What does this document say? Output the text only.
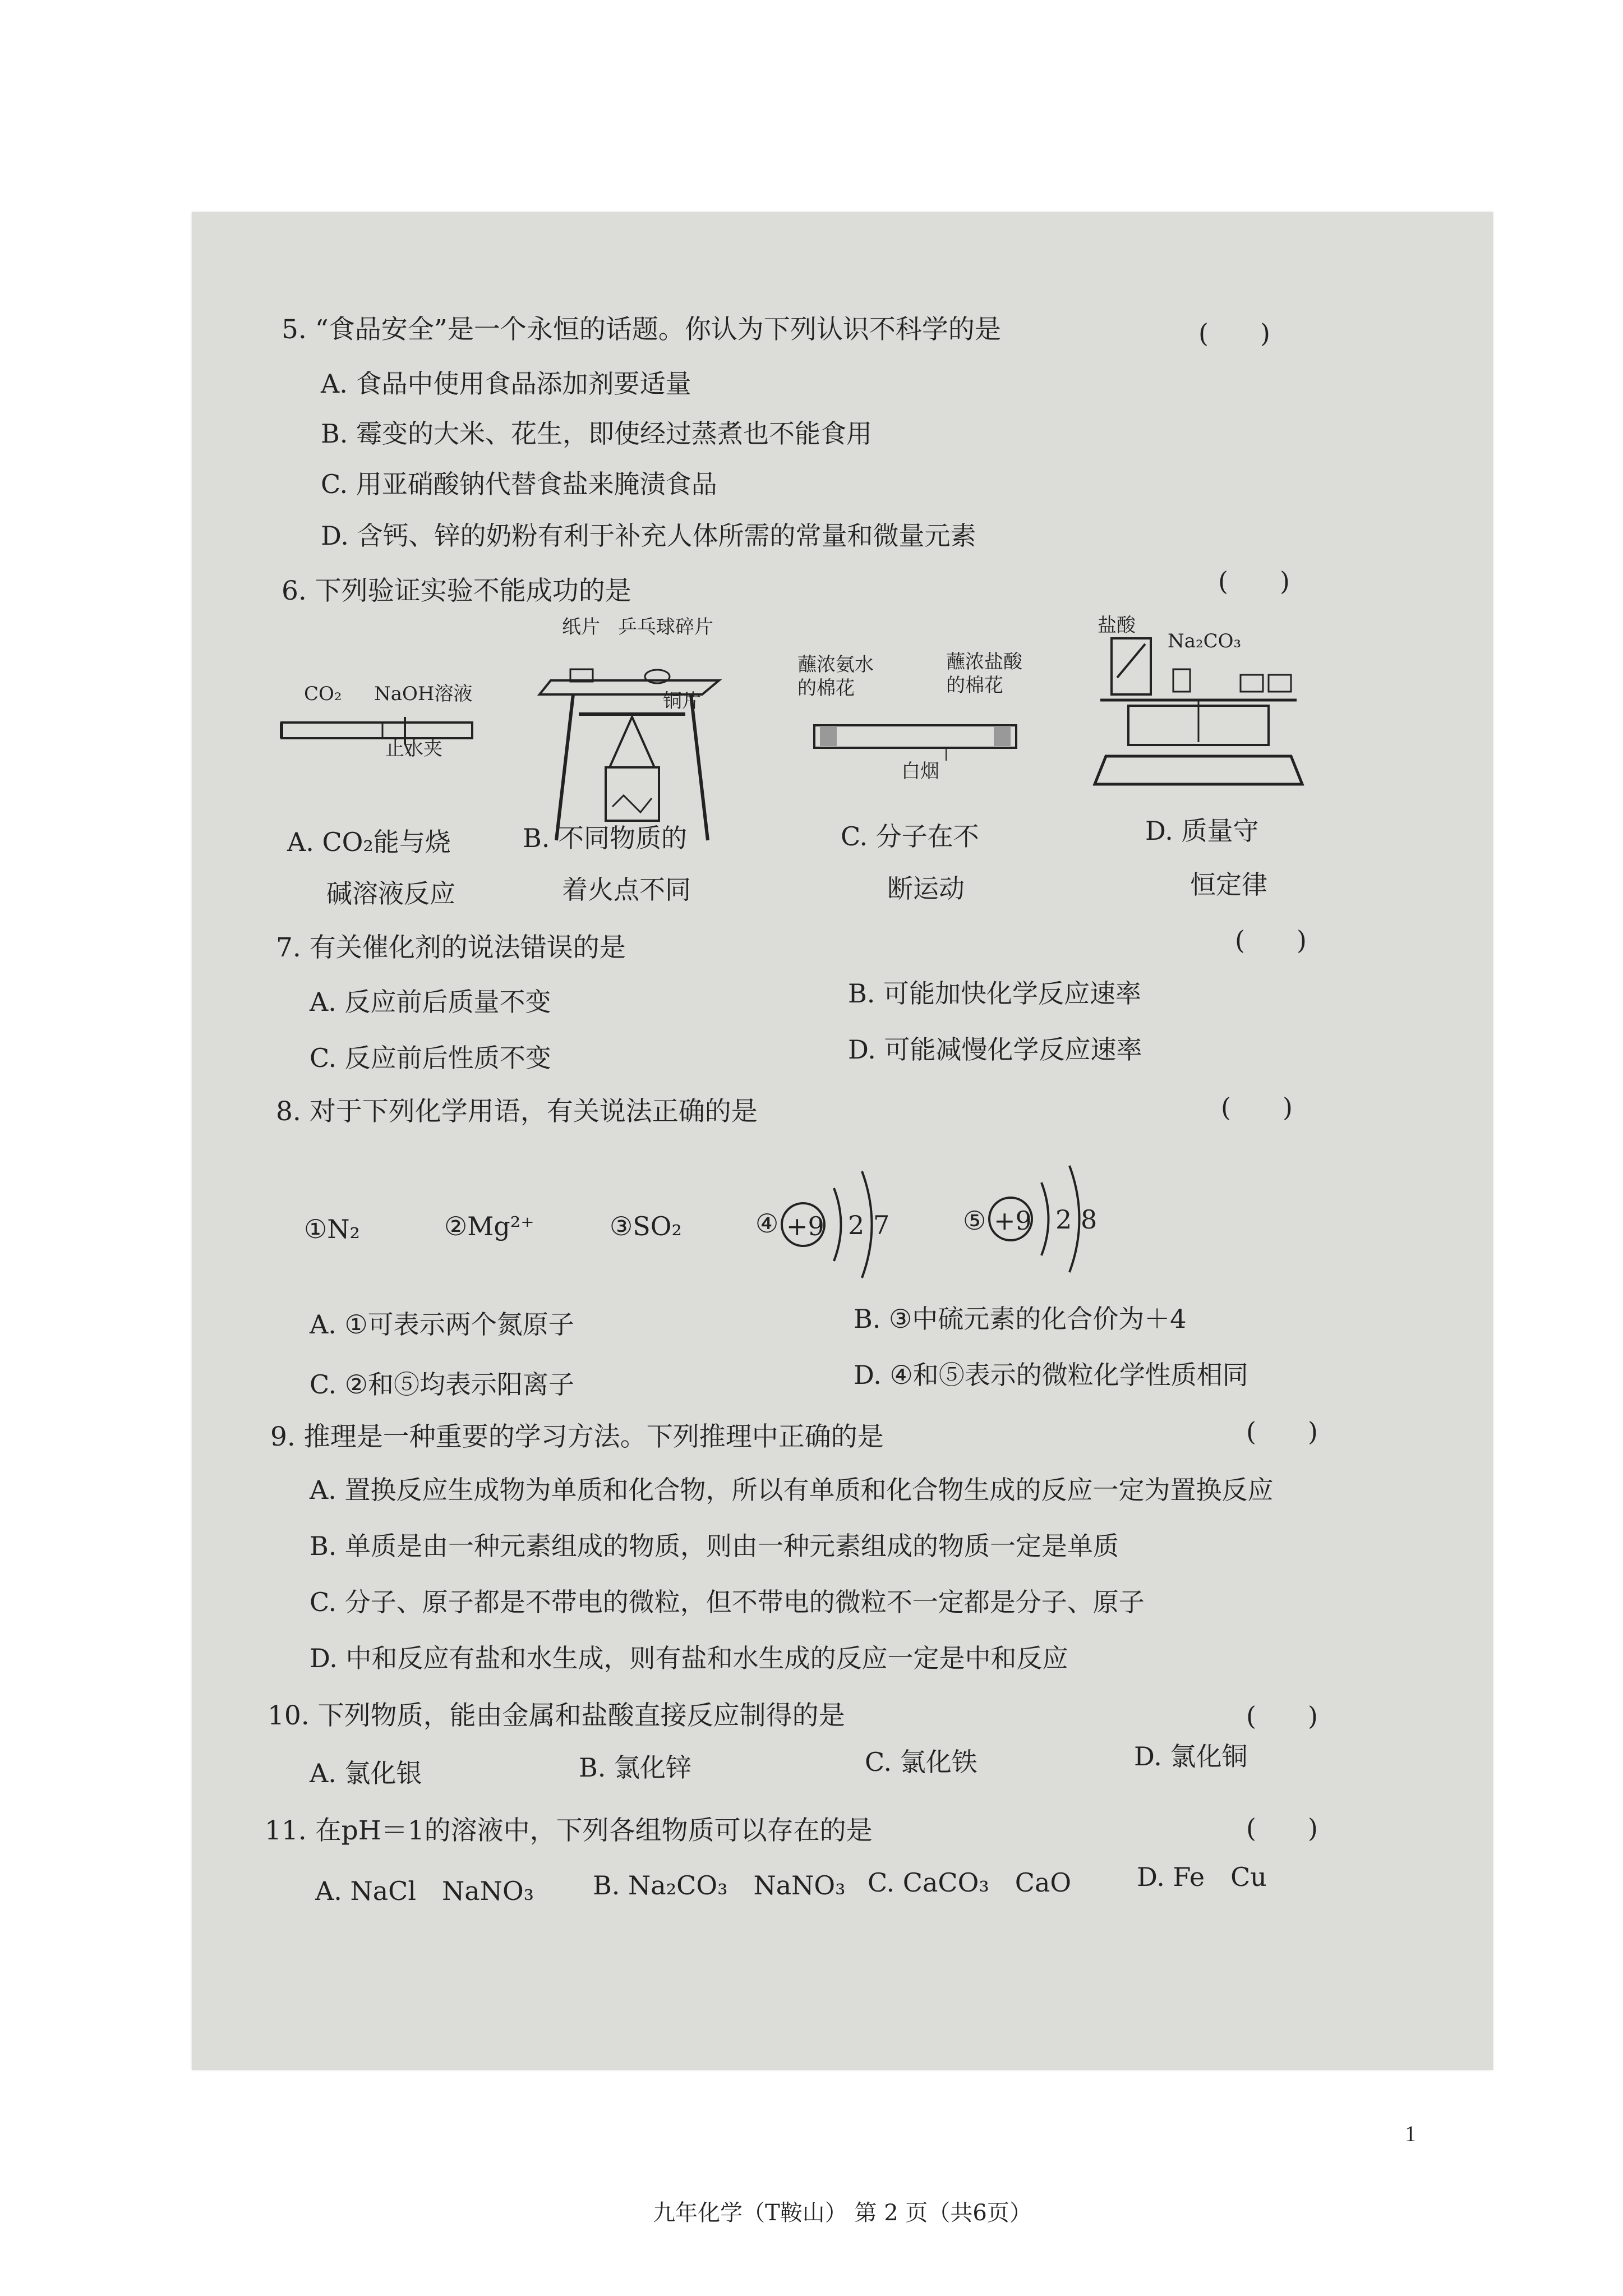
5. “食品安全”是一个永恒的话题。你认为下列认识不科学的是	(　　)
A. 食品中使用食品添加剂要适量
B. 霉变的大米、花生，即使经过蒸煮也不能食用
C. 用亚硝酸钠代替食盐来腌渍食品
D. 含钙、锌的奶粉有利于补充人体所需的常量和微量元素
6. 下列验证实验不能成功的是	(　　)
CO₂ NaOH溶液
止水夹
纸片 乒乓球碎片
铜片
蘸浓氨水
的棉花
蘸浓盐酸
的棉花
白烟
盐酸
Na₂CO₃
A. CO₂能与烧
碱溶液反应
B. 不同物质的
着火点不同
C. 分子在不
断运动
D. 质量守
恒定律
7. 有关催化剂的说法错误的是	(　　)
A. 反应前后质量不变	B. 可能加快化学反应速率
C. 反应前后性质不变	D. 可能减慢化学反应速率
8. 对于下列化学用语，有关说法正确的是	(　　)
①N₂	②Mg²⁺	③SO₂	④ +9 2 7	⑤ +9 2 8
A. ①可表示两个氮原子	B. ③中硫元素的化合价为＋4
C. ②和⑤均表示阳离子	D. ④和⑤表示的微粒化学性质相同
9. 推理是一种重要的学习方法。下列推理中正确的是	(　　)
A. 置换反应生成物为单质和化合物，所以有单质和化合物生成的反应一定为置换反应
B. 单质是由一种元素组成的物质，则由一种元素组成的物质一定是单质
C. 分子、原子都是不带电的微粒，但不带电的微粒不一定都是分子、原子
D. 中和反应有盐和水生成，则有盐和水生成的反应一定是中和反应
10. 下列物质，能由金属和盐酸直接反应制得的是	(　　)
A. 氯化银	B. 氯化锌	C. 氯化铁	D. 氯化铜
11. 在pH＝1的溶液中，下列各组物质可以存在的是	(　　)
A. NaCl　NaNO₃ B. Na₂CO₃　NaNO₃ C. CaCO₃　CaO	D. Fe　Cu
九年化学（T鞍山） 第 2 页（共6页）
1
